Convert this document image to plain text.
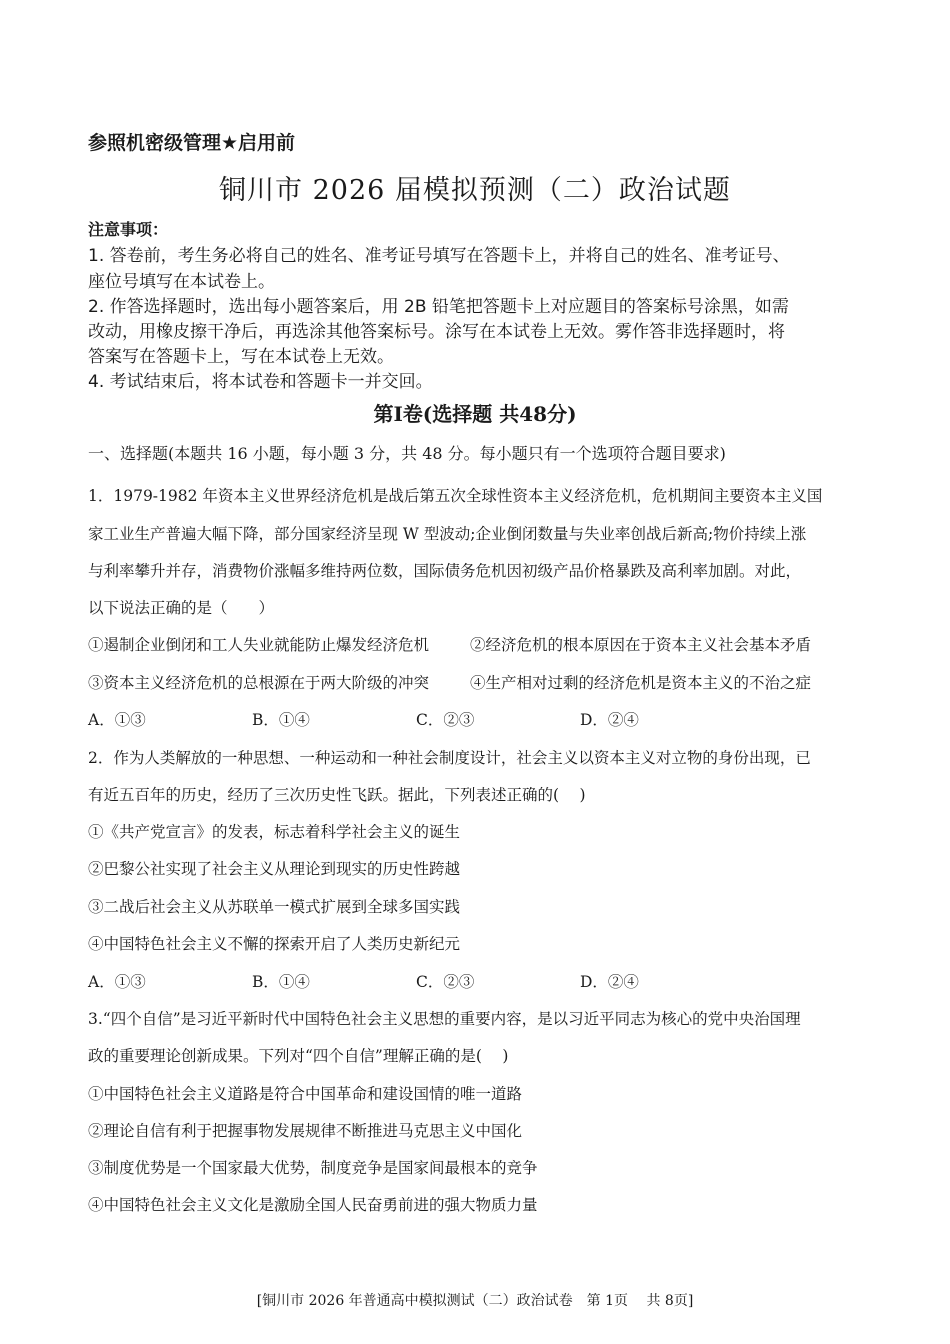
参照机密级管理★启用前
铜川市 2026 届模拟预测（二）政治试题
注意事项：
1. 答卷前，考生务必将自己的姓名、准考证号填写在答题卡上，并将自己的姓名、准考证号、
座位号填写在本试卷上。
2. 作答选择题时，选出每小题答案后，用 2B 铅笔把答题卡上对应题目的答案标号涂黑，如需
改动，用橡皮擦干净后，再选涂其他答案标号。涂写在本试卷上无效。雾作答非选择题时，将
答案写在答题卡上，写在本试卷上无效。
4. 考试结束后，将本试卷和答题卡一并交回。
第Ⅰ卷(选择题 共48分)
一、选择题(本题共 16 小题，每小题 3 分，共 48 分。每小题只有一个选项符合题目要求)
1．1979-1982 年资本主义世界经济危机是战后第五次全球性资本主义经济危机，危机期间主要资本主义国
家工业生产普遍大幅下降，部分国家经济呈现 W 型波动;企业倒闭数量与失业率创战后新高;物价持续上涨
与利率攀升并存，消费物价涨幅多维持两位数，国际债务危机因初级产品价格暴跌及高利率加剧。对此，
以下说法正确的是（　　）
①遏制企业倒闭和工人失业就能防止爆发经济危机	②经济危机的根本原因在于资本主义社会基本矛盾
③资本主义经济危机的总根源在于两大阶级的冲突	④生产相对过剩的经济危机是资本主义的不治之症
A．①③	B．①④	C．②③	D．②④
2．作为人类解放的一种思想、一种运动和一种社会制度设计，社会主义以资本主义对立物的身份出现，已
有近五百年的历史，经历了三次历史性飞跃。据此，下列表述正确的(　 )
①《共产党宣言》的发表，标志着科学社会主义的诞生
②巴黎公社实现了社会主义从理论到现实的历史性跨越
③二战后社会主义从苏联单一模式扩展到全球多国实践
④中国特色社会主义不懈的探索开启了人类历史新纪元
A．①③	B．①④	C．②③	D．②④
3.“四个自信”是习近平新时代中国特色社会主义思想的重要内容，是以习近平同志为核心的党中央治国理
政的重要理论创新成果。下列对“四个自信”理解正确的是(　 )
①中国特色社会主义道路是符合中国革命和建设国情的唯一道路
②理论自信有利于把握事物发展规律不断推进马克思主义中国化
③制度优势是一个国家最大优势，制度竞争是国家间最根本的竞争
④中国特色社会主义文化是激励全国人民奋勇前进的强大物质力量
[铜川市 2026 年普通高中模拟测试（二）政治试卷　第 1页　 共 8页]
